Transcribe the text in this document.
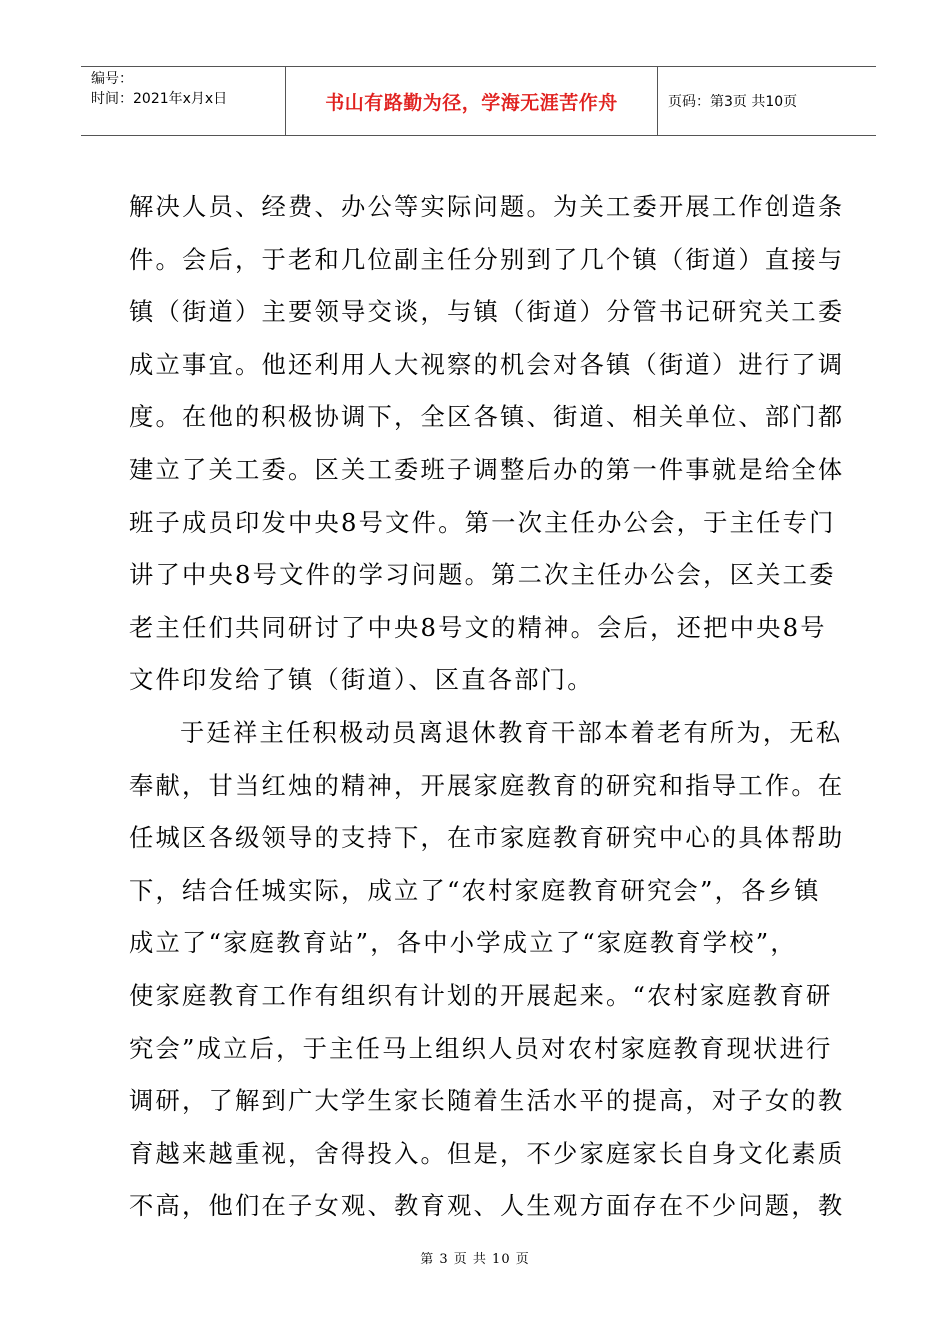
编号：
时间：2021年x月x日	书山有路勤为径，学海无涯苦作舟	页码：第3页 共10页

解决人员、经费、办公等实际问题。为关工委开展工作创造条
件。会后，于老和几位副主任分别到了几个镇（街道）直接与
镇（街道）主要领导交谈，与镇（街道）分管书记研究关工委
成立事宜。他还利用人大视察的机会对各镇（街道）进行了调
度。在他的积极协调下，全区各镇、街道、相关单位、部门都
建立了关工委。区关工委班子调整后办的第一件事就是给全体
班子成员印发中央8号文件。第一次主任办公会，于主任专门
讲了中央8号文件的学习问题。第二次主任办公会，区关工委
老主任们共同研讨了中央8号文的精神。会后，还把中央8号
文件印发给了镇（街道）、区直各部门。

于廷祥主任积极动员离退休教育干部本着老有所为，无私
奉献，甘当红烛的精神，开展家庭教育的研究和指导工作。在
任城区各级领导的支持下，在市家庭教育研究中心的具体帮助
下，结合任城实际，成立了“农村家庭教育研究会”，各乡镇
成立了“家庭教育站”，各中小学成立了“家庭教育学校”，
使家庭教育工作有组织有计划的开展起来。“农村家庭教育研
究会”成立后，于主任马上组织人员对农村家庭教育现状进行
调研，了解到广大学生家长随着生活水平的提高，对子女的教
育越来越重视，舍得投入。但是，不少家庭家长自身文化素质
不高，他们在子女观、教育观、人生观方面存在不少问题，教

第 3 页 共 10 页
